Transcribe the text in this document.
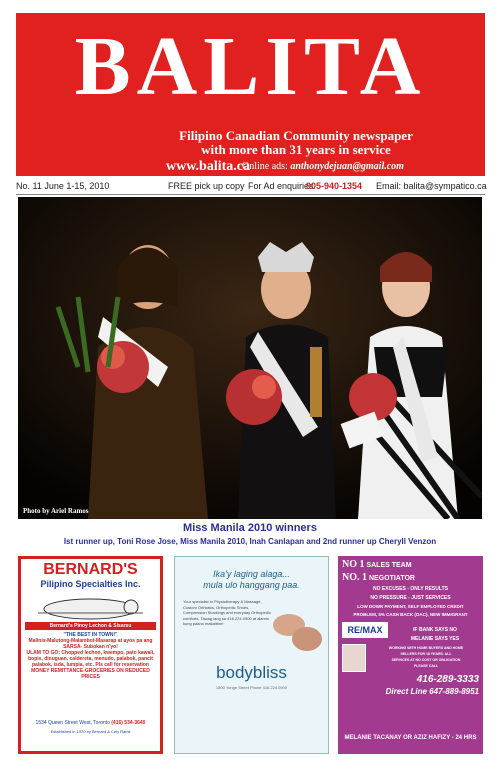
BALITA
Filipino Canadian Community newspaper
with more than 31 years in service
www.balita.ca
Online ads: anthonydejuan@gmail.com
No. 11 June 1-15, 2010	FREE pick up copy For Ad enquiries
905-940-1354 Email: balita@sympatico.ca
Photo by Ariel Ramos
Miss Manila 2010 winners
Ist runner up, Toni Rose Jose, Miss Manila 2010, Inah Canlapan and 2nd runner up Cheryll Venzon
BERNARD'S
Pilipino Specialties Inc.
Bernard's Pinoy Lechon & Sisarsu
"THE BEST IN TOWN!"
Malinis-Malutong-Malambot-Masarap at ayos pa ang SARSA- Subokan n'yo!
ULAM TO GO: Chopped lechon, kwempo, pato kawali, bopis, dinuguan, caldereta, menudo, palabok, pancit palabok, isda, lumpia, etc. Pls call for reservation
MONEY REMITTANCE-GROCERIES ON REDUCED PRICES
1534 Queen Street West, Toronto (416) 534-3640
Established in 1970 by Bernard & Cely Ramil
Ika'y laging alaga...
mula ulo hanggang paa.
Your specialist in Physiotherapy & Massage, Custom Orthotics, Orthopedic Shoes, Compression Stockings and everyday Orthopedic comforts. Tawag lang sa 416.224.0900 at alamin kung paano makalibre!
bodybliss
1500 Yonge Street Phone 416.224.0900
NO 1 SALES TEAM
NO. 1 NEGOTIATOR
NO EXCUSES - ONLY RESULTS
NO PRESSURE - JUST SERVICES
LOW DOWN PAYMENT, SELF EMPLOYED CREDIT
PROBLEM, 5% CASH BACK (OAC), NEW IMMIGRANT
RE/MAX	IF BANK SAYS NO
MELANIE SAYS YES
WORKING WITH HOME BUYERS AND HOME
SELLERS FOR 18 YEARS. ALL
SERVICES AT NO COST OR OBLIGATION
PLEASE CALL
416-289-3333
Direct Line 647-889-8951
MELANIE TACANAY OR AZIZ HAFIZY - 24 HRS
